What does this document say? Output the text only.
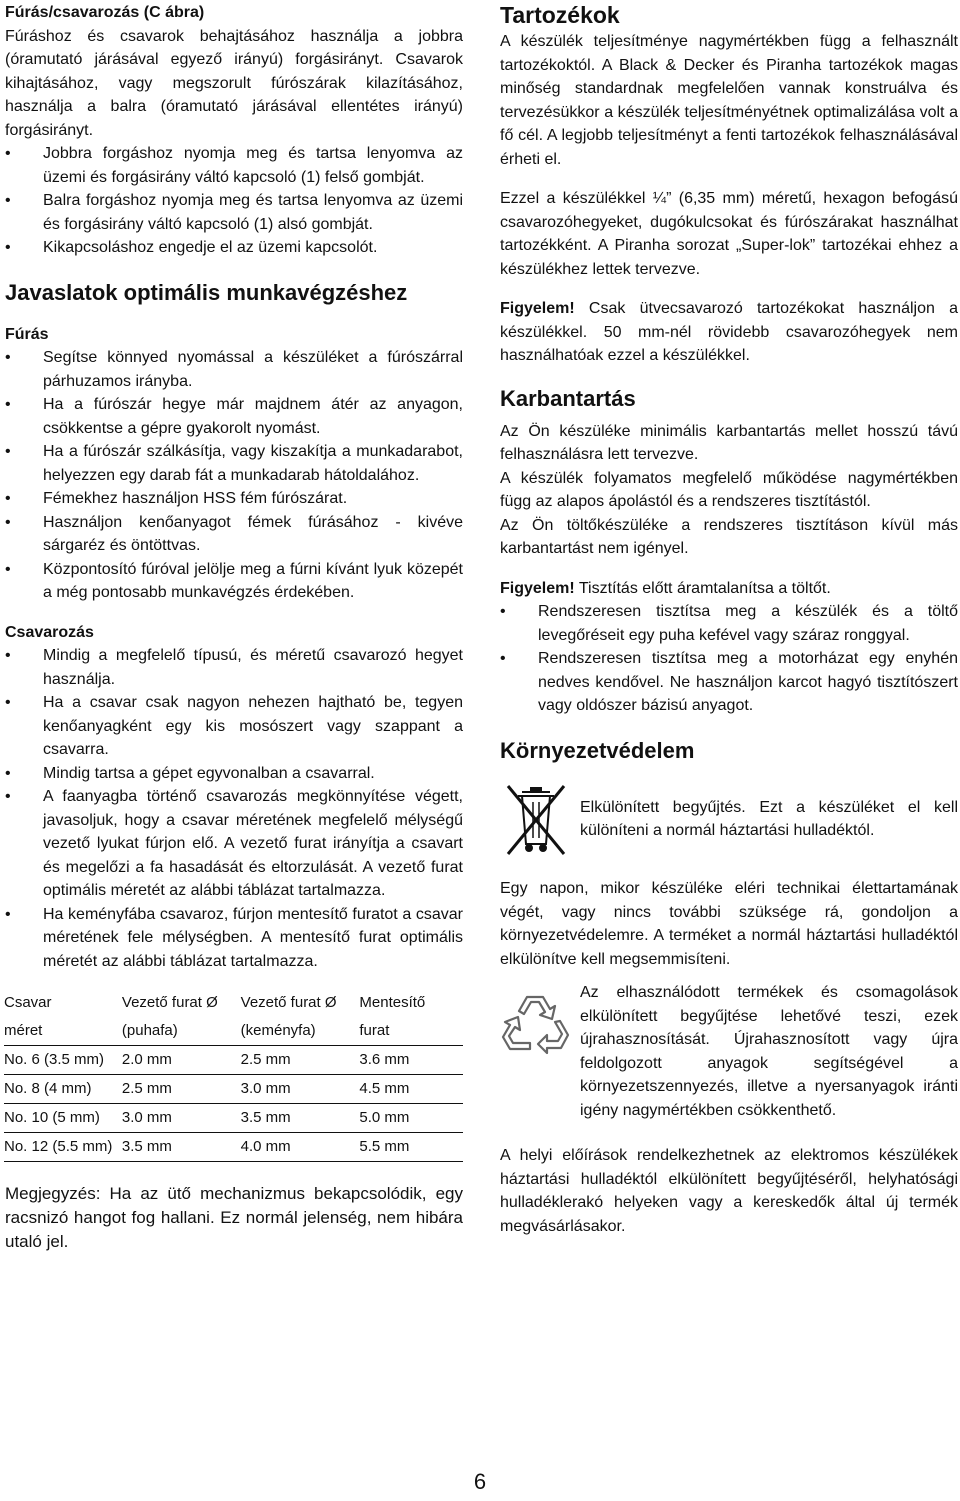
Fúrás/csavarozás (C ábra)

Fúráshoz és csavarok behajtásához használja a jobbra (óramutató járásával egyező irányú) forgásirányt. Csavarok kihajtásához, vagy megszorult fúrószárak kilazításához, használja a balra (óramutató járásával ellentétes irányú) forgásirányt.

• Jobbra forgáshoz nyomja meg és tartsa lenyomva az üzemi és forgásirány váltó kapcsoló (1) felső gombját.
• Balra forgáshoz nyomja meg és tartsa lenyomva az üzemi és forgásirány váltó kapcsoló (1) alsó gombját.
• Kikapcsoláshoz engedje el az üzemi kapcsolót.
Javaslatok optimális munkavégzéshez
Fúrás
• Segítse könnyed nyomással a készüléket a fúrószárral párhuzamos irányba.
• Ha a fúrószár hegye már majdnem átér az anyagon, csökkentse a gépre gyakorolt nyomást.
• Ha a fúrószár szálkásítja, vagy kiszakítja a munkadarabot, helyezzen egy darab fát a munkadarab hátoldalához.
• Fémekhez használjon HSS fém fúrószárat.
• Használjon kenőanyagot fémek fúrásához - kivéve sárgaréz és öntöttvas.
• Központosító fúróval jelölje meg a fúrni kívánt lyuk közepét a még pontosabb munkavégzés érdekében.
Csavarozás
• Mindig a megfelelő típusú, és méretű csavarozó hegyet használja.
• Ha a csavar csak nagyon nehezen hajtható be, tegyen kenőanyagként egy kis mosószert vagy szappant a csavarra.
• Mindig tartsa a gépet egyvonalban a csavarral.
• A faanyagba történő csavarozás megkönnyítése végett, javasoljuk, hogy a csavar méretének megfelelő mélységű vezető lyukat fúrjon elő. A vezető furat irányítja a csavart és megelőzi a fa hasadását és eltorzulását. A vezető furat optimális méretét az alábbi táblázat tartalmazza.
• Ha keményfába csavaroz, fúrjon mentesítő furatot a csavar méretének fele mélységben. A mentesítő furat optimális méretét az alábbi táblázat tartalmazza.
Csavar	Vezető furat Ø	Vezető furat Ø	Mentesítő
méret	(puhafa)	(keményfa)	furat
No. 6 (3.5 mm)	2.0 mm	2.5 mm	3.6 mm
No. 8 (4 mm)	2.5 mm	3.0 mm	4.5 mm
No. 10 (5 mm)	3.0 mm	3.5 mm	5.0 mm
No. 12 (5.5 mm)	3.5 mm	4.0 mm	5.5 mm

Megjegyzés: Ha az ütő mechanizmus bekapcsolódik, egy racsnizó hangot fog hallani. Ez normál jelenség, nem hibára utaló jel.

Tartozékok

A készülék teljesítménye nagymértékben függ a felhasznált tartozékoktól. A Black & Decker és Piranha tartozékok magas minőség standardnak megfelelően vannak konstruálva és tervezésükkor a készülék teljesítményétnek optimalizálása volt a fő cél. A legjobb teljesítményt a fenti tartozékok felhasználásával érheti el.

Ezzel a készülékkel ¼” (6,35 mm) méretű, hexagon befogású csavarozóhegyeket, dugókulcsokat és fúrószárakat használhat tartozékként. A Piranha sorozat „Super-lok” tartozékai ehhez a készülékhez lettek tervezve.

Figyelem! Csak ütvecsavarozó tartozékokat használjon a készülékkel. 50 mm-nél rövidebb csavarozóhegyek nem használhatóak ezzel a készülékkel.

Karbantartás

Az Ön készüléke minimális karbantartás mellet hosszú távú felhasználásra lett tervezve.

A készülék folyamatos megfelelő működése nagymértékben függ az alapos ápolástól és a rendszeres tisztítástól.

Az Ön töltőkészüléke a rendszeres tisztításon kívül más karbantartást nem igényel.

Figyelem! Tisztítás előtt áramtalanítsa a töltőt.

• Rendszeresen tisztítsa meg a készülék és a töltő levegőréseit egy puha kefével vagy száraz ronggyal.
• Rendszeresen tisztítsa meg a motorházat egy enyhén nedves kendővel. Ne használjon karcot hagyó tisztítószert vagy oldószer bázisú anyagot.
Környezetvédelem

Elkülönített begyűjtés. Ezt a készüléket el kell különíteni a normál háztartási hulladéktól.

Egy napon, mikor készüléke eléri technikai élettartamának végét, vagy nincs további szüksége rá, gondoljon a környezetvédelemre. A terméket a normál háztartási hulladéktól elkülönítve kell megsemmisíteni.

Az elhasználódott termékek és csomagolások elkülönített begyűjtése lehetővé teszi, ezek újrahasznosítását. Újrahasznosított vagy újra feldolgozott anyagok segítségével a környezetszennyezés, illetve a nyersanyagok iránti igény nagymértékben csökkenthető.

A helyi előírások rendelkezhetnek az elektromos készülékek háztartási hulladéktól elkülönített begyűjtéséről, helyhatósági hulladéklerakó helyeken vagy a kereskedők által új termék megvásárlásakor.

6
